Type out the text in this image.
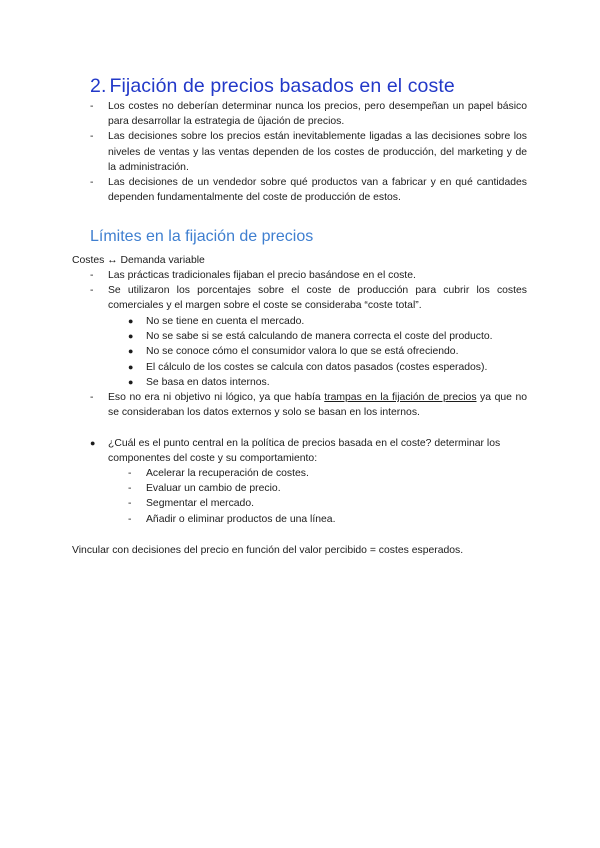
2. Fijación de precios basados en el coste
- Los costes no deberían determinar nunca los precios, pero desempeñan un papel básico para desarrollar la estrategia de ûjación de precios.
- Las decisiones sobre los precios están inevitablemente ligadas a las decisiones sobre los niveles de ventas y las ventas dependen de los costes de producción, del marketing y de la administración.
- Las decisiones de un vendedor sobre qué productos van a fabricar y en qué cantidades dependen fundamentalmente del coste de producción de estos.
Límites en la fijación de precios
Costes ↔ Demanda variable
- Las prácticas tradicionales fijaban el precio basándose en el coste.
- Se utilizaron los porcentajes sobre el coste de producción para cubrir los costes comerciales y el margen sobre el coste se consideraba “coste total”.
● No se tiene en cuenta el mercado.
● No se sabe si se está calculando de manera correcta el coste del producto.
● No se conoce cómo el consumidor valora lo que se está ofreciendo.
● El cálculo de los costes se calcula con datos pasados (costes esperados).
● Se basa en datos internos.
- Eso no era ni objetivo ni lógico, ya que había trampas en la fijación de precios ya que no se consideraban los datos externos y solo se basan en los internos.
● ¿Cuál es el punto central en la política de precios basada en el coste? determinar los componentes del coste y su comportamiento:
- Acelerar la recuperación de costes.
- Evaluar un cambio de precio.
- Segmentar el mercado.
- Añadir o eliminar productos de una línea.
Vincular con decisiones del precio en función del valor percibido = costes esperados.
